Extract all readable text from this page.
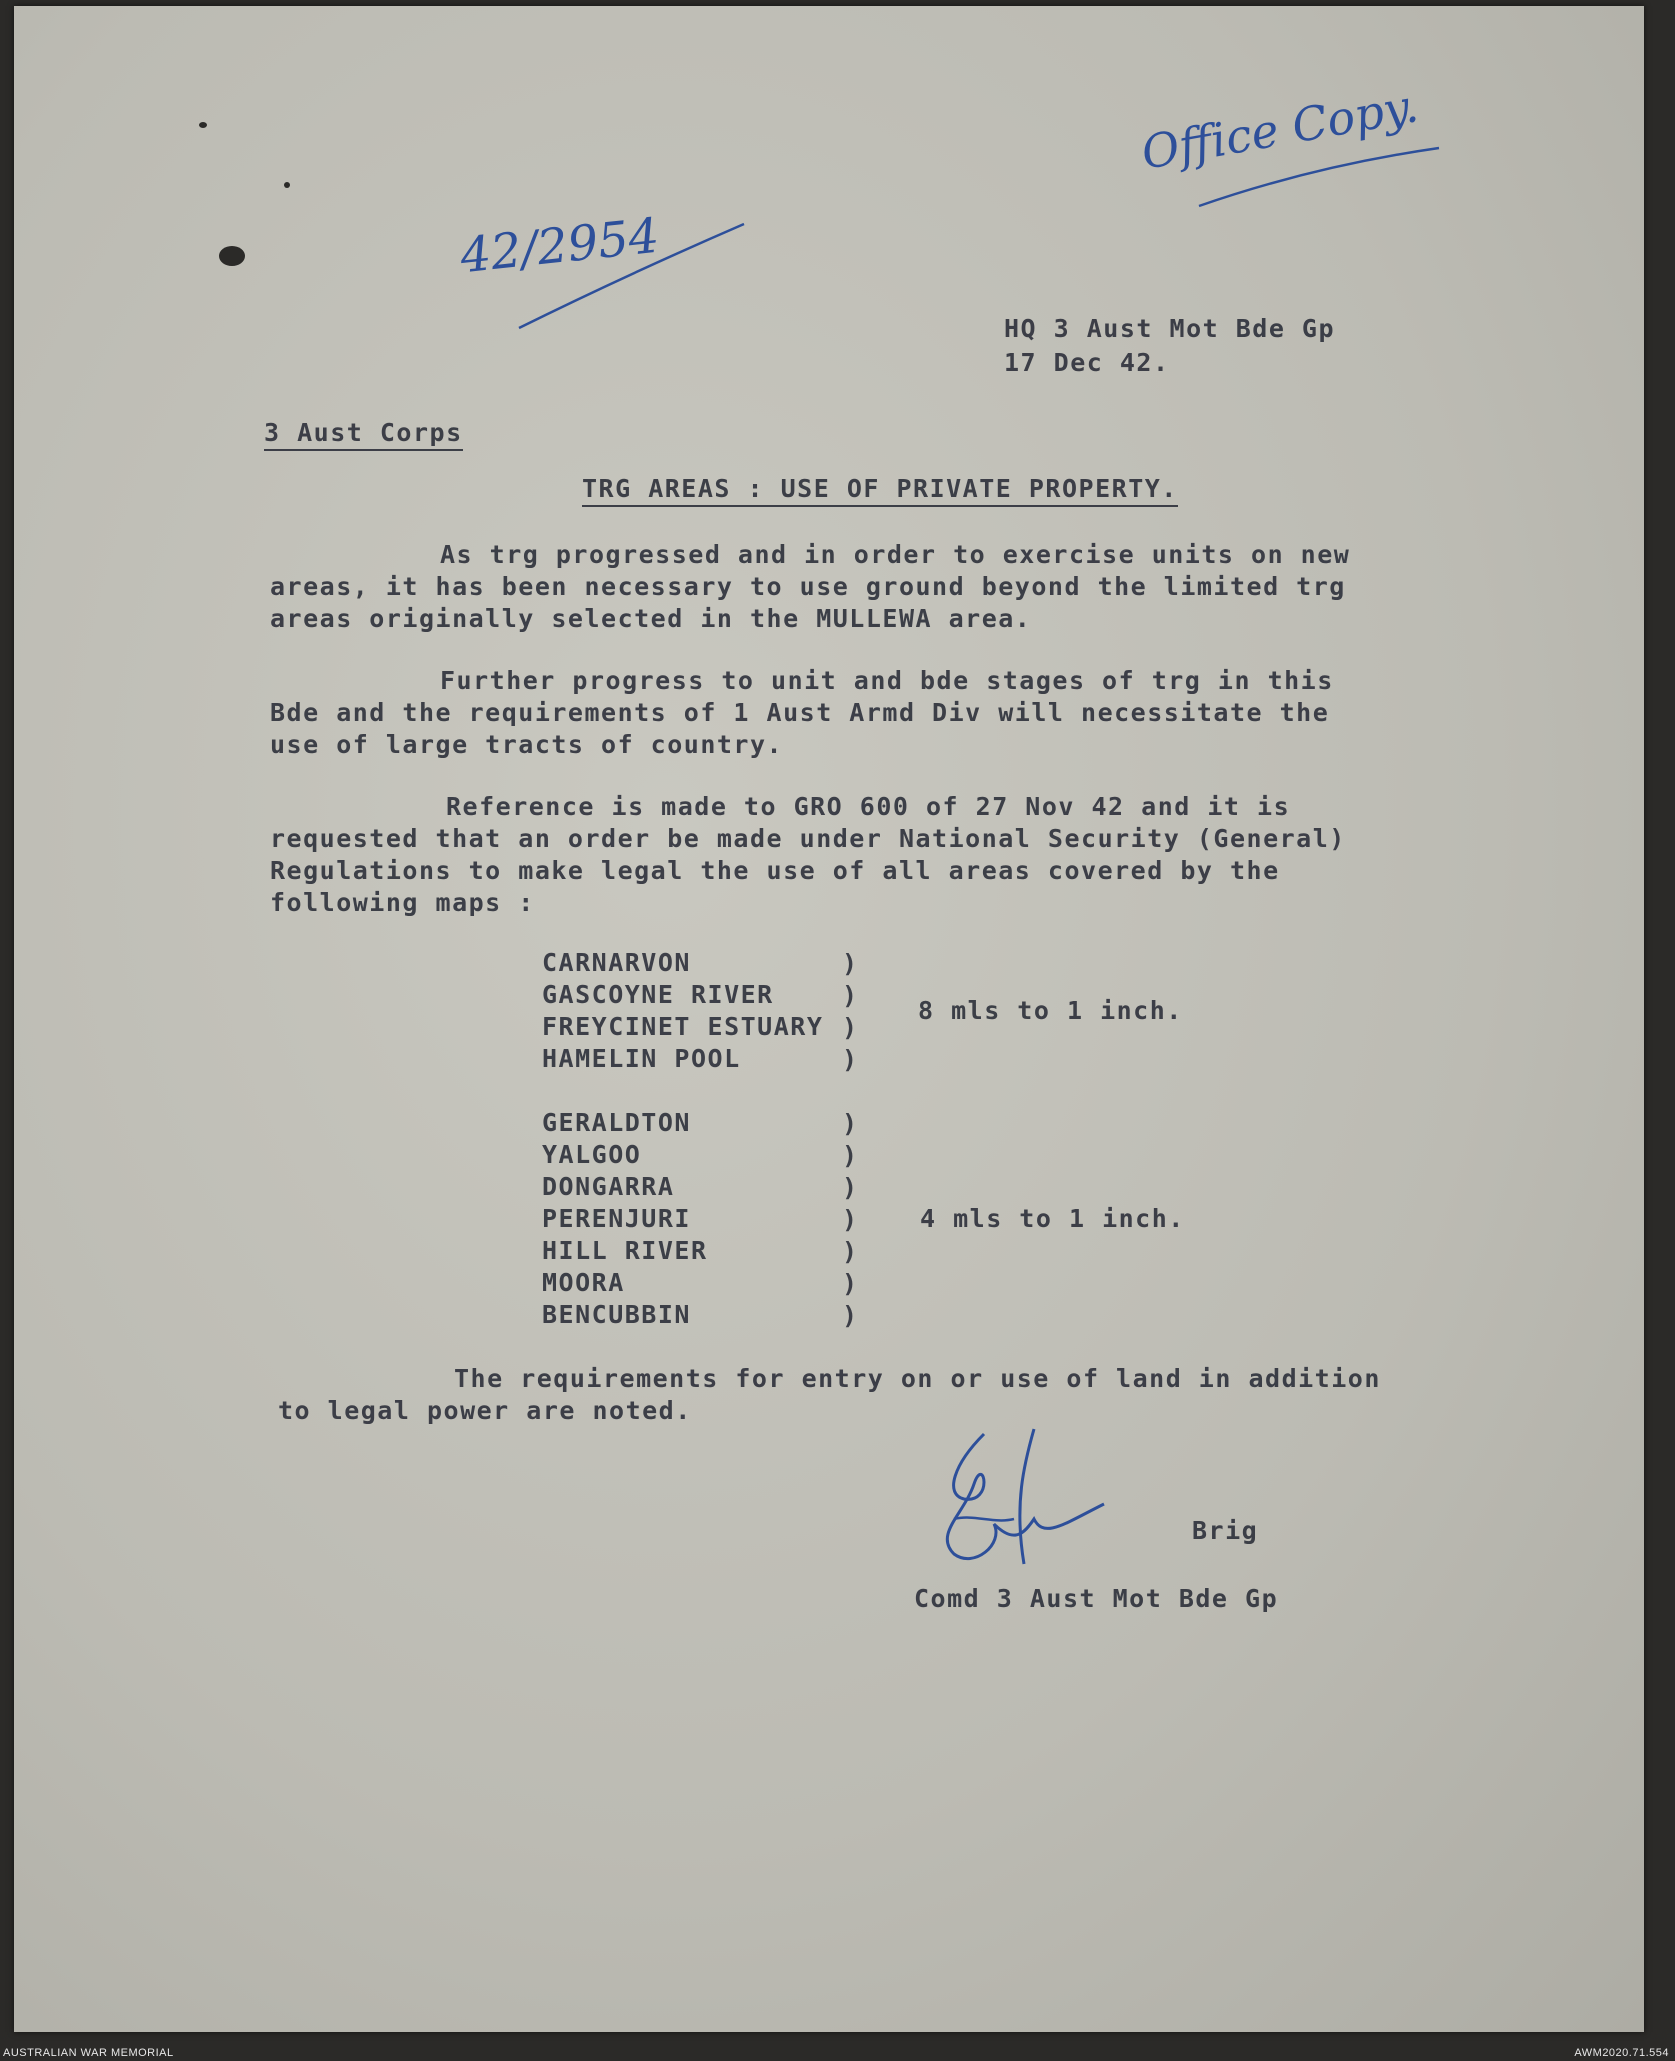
Office Copy.
42/2954
HQ 3 Aust Mot Bde Gp
17 Dec 42.
3 Aust Corps
TRG AREAS : USE OF PRIVATE PROPERTY.
As trg progressed and in order to exercise units on new
areas, it has been necessary to use ground beyond the limited trg
areas originally selected in the MULLEWA area.
Further progress to unit and bde stages of trg in this
Bde and the requirements of 1 Aust Armd Div will necessitate the
use of large tracts of country.
Reference is made to GRO 600 of 27 Nov 42 and it is
requested that an order be made under National Security (General)
Regulations to make legal the use of all areas covered by the
following maps :
CARNARVON
GASCOYNE RIVER
FREYCINET ESTUARY
HAMELIN POOL
)
)
)
)
8 mls to 1 inch.
GERALDTON
YALGOO
DONGARRA
PERENJURI
HILL RIVER
MOORA
BENCUBBIN
)
)
)
)
)
)
)
4 mls to 1 inch.
The requirements for entry on or use of land in addition
to legal power are noted.
Brig
Comd 3 Aust Mot Bde Gp
AUSTRALIAN WAR MEMORIAL	AWM2020.71.554
